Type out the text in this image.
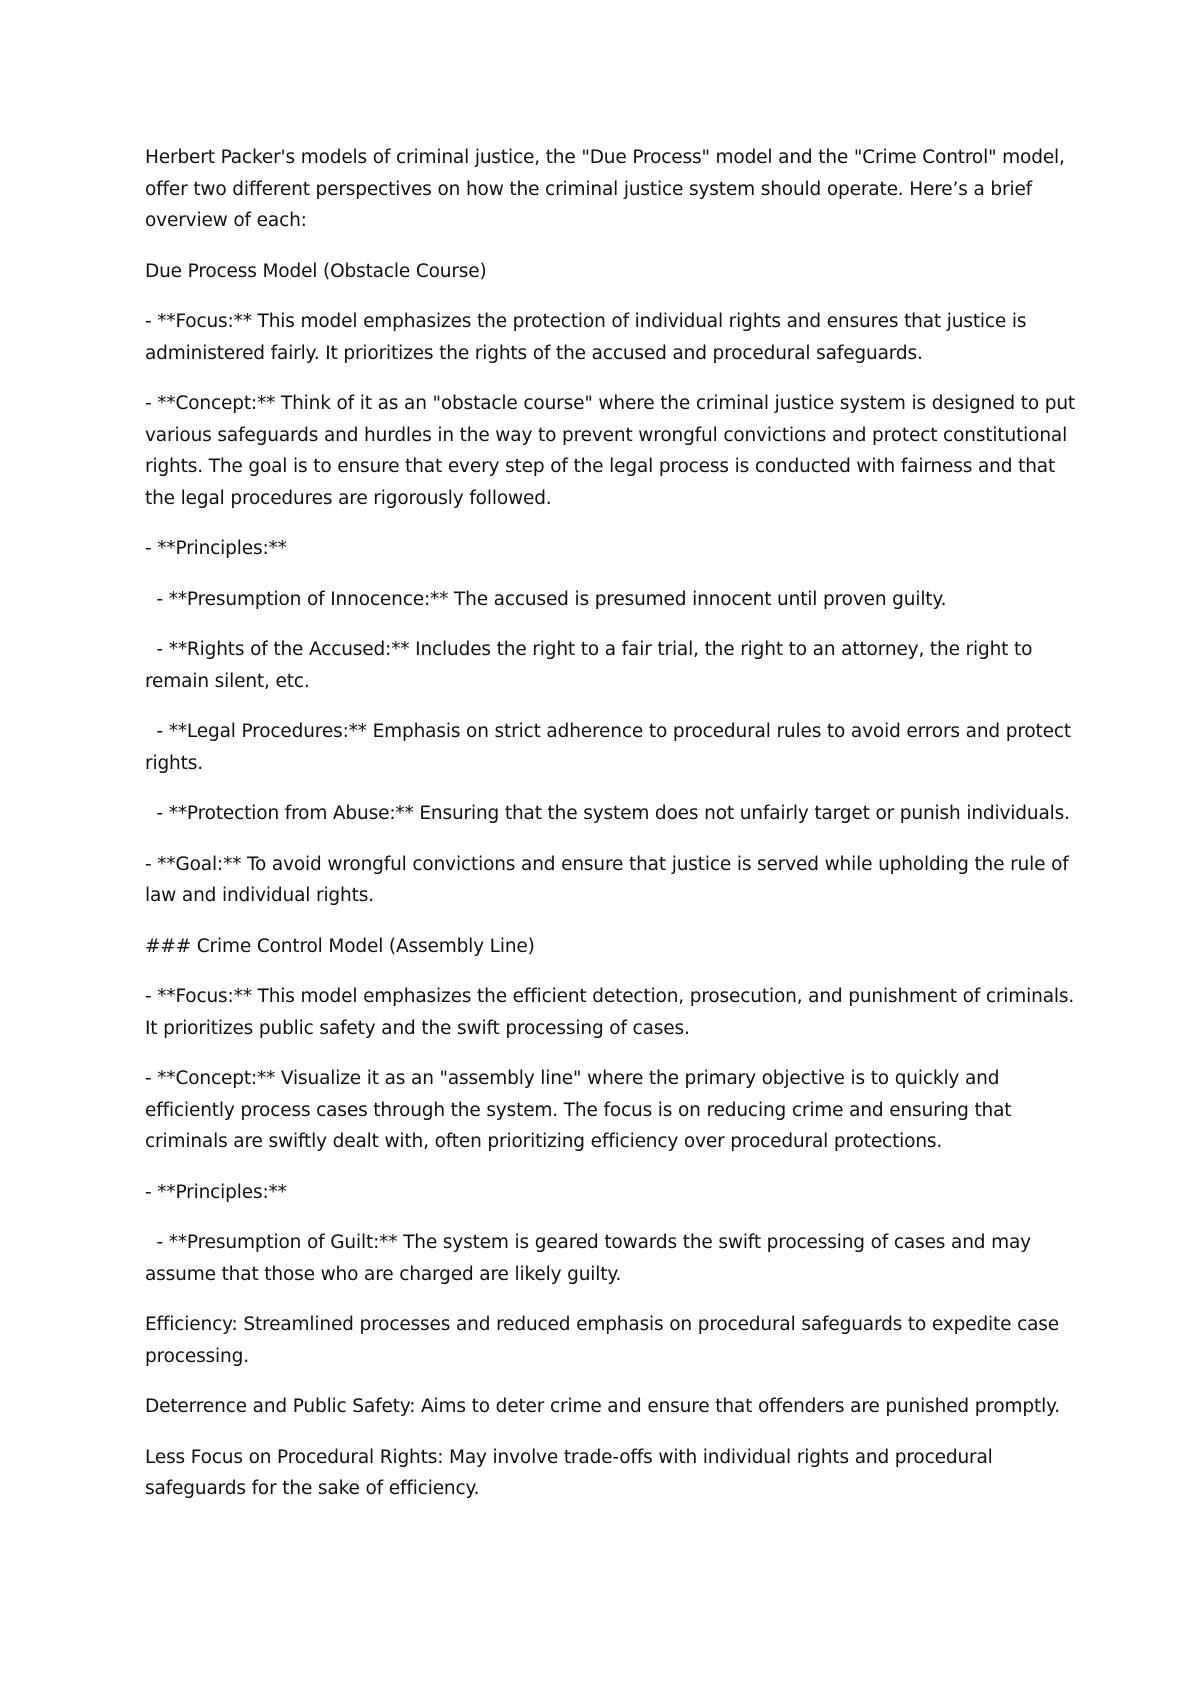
Herbert Packer's models of criminal justice, the "Due Process" model and the "Crime Control" model, offer two different perspectives on how the criminal justice system should operate. Here’s a brief overview of each:

Due Process Model (Obstacle Course)

- **Focus:** This model emphasizes the protection of individual rights and ensures that justice is administered fairly. It prioritizes the rights of the accused and procedural safeguards.

- **Concept:** Think of it as an "obstacle course" where the criminal justice system is designed to put various safeguards and hurdles in the way to prevent wrongful convictions and protect constitutional rights. The goal is to ensure that every step of the legal process is conducted with fairness and that the legal procedures are rigorously followed.

- **Principles:**

- **Presumption of Innocence:** The accused is presumed innocent until proven guilty.

- **Rights of the Accused:** Includes the right to a fair trial, the right to an attorney, the right to remain silent, etc.

- **Legal Procedures:** Emphasis on strict adherence to procedural rules to avoid errors and protect rights.

- **Protection from Abuse:** Ensuring that the system does not unfairly target or punish individuals.

- **Goal:** To avoid wrongful convictions and ensure that justice is served while upholding the rule of law and individual rights.

### Crime Control Model (Assembly Line)

- **Focus:** This model emphasizes the efficient detection, prosecution, and punishment of criminals. It prioritizes public safety and the swift processing of cases.

- **Concept:** Visualize it as an "assembly line" where the primary objective is to quickly and efficiently process cases through the system. The focus is on reducing crime and ensuring that criminals are swiftly dealt with, often prioritizing efficiency over procedural protections.

- **Principles:**

- **Presumption of Guilt:** The system is geared towards the swift processing of cases and may assume that those who are charged are likely guilty.

Efficiency: Streamlined processes and reduced emphasis on procedural safeguards to expedite case processing.

Deterrence and Public Safety: Aims to deter crime and ensure that offenders are punished promptly.

Less Focus on Procedural Rights: May involve trade-offs with individual rights and procedural safeguards for the sake of efficiency.
